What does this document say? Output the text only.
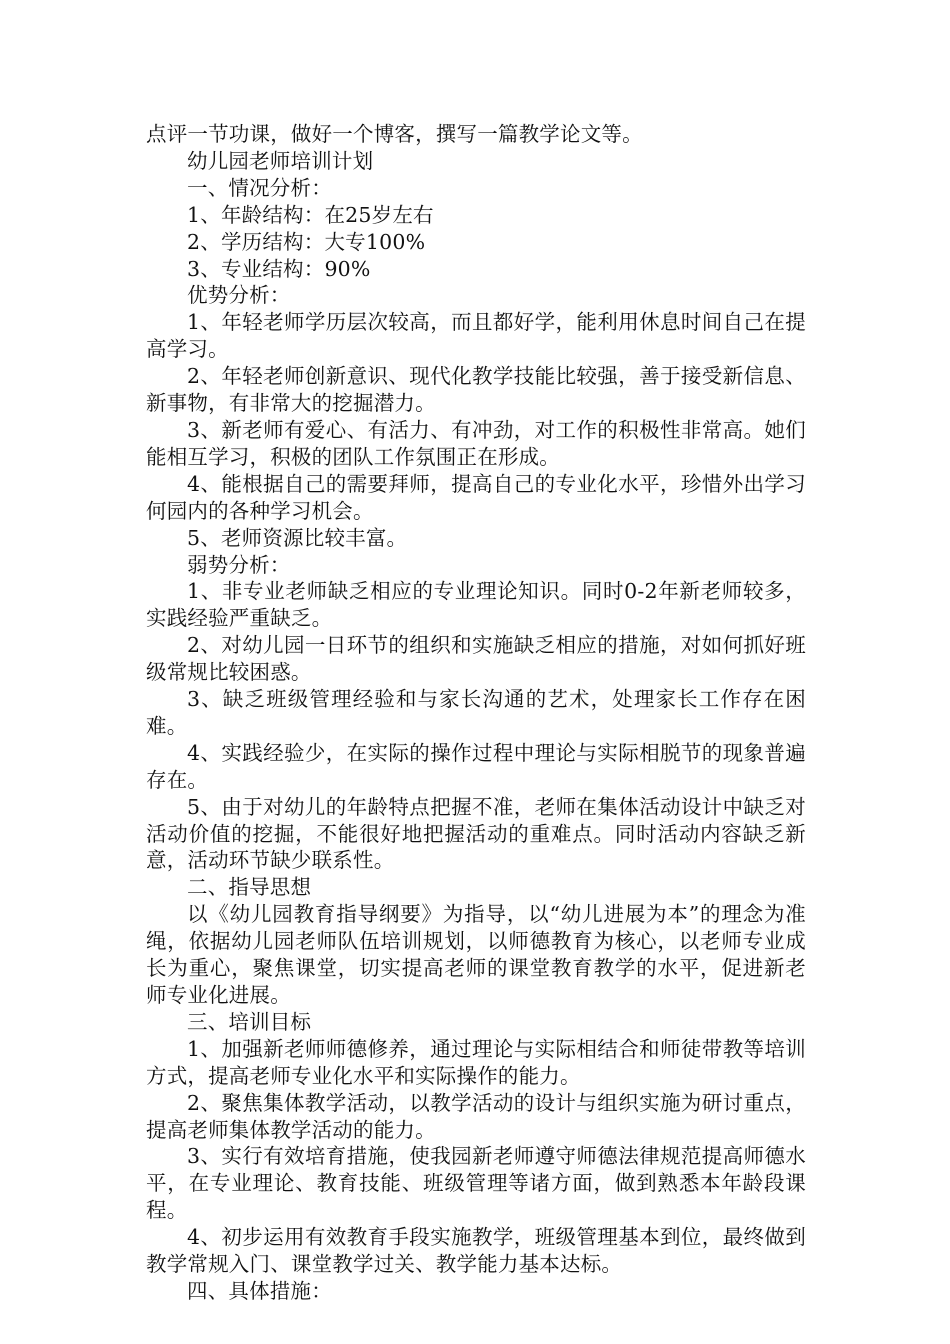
点评一节功课，做好一个博客，撰写一篇教学论文等。

幼儿园老师培训计划

一、情况分析：

1、年龄结构：在25岁左右

2、学历结构：大专100%

3、专业结构：90%

优势分析：

1、年轻老师学历层次较高，而且都好学，能利用休息时间自己在提高学习。

2、年轻老师创新意识、现代化教学技能比较强，善于接受新信息、新事物，有非常大的挖掘潜力。

3、新老师有爱心、有活力、有冲劲，对工作的积极性非常高。她们能相互学习，积极的团队工作氛围正在形成。

4、能根据自己的需要拜师，提高自己的专业化水平，珍惜外出学习何园内的各种学习机会。

5、老师资源比较丰富。

弱势分析：

1、非专业老师缺乏相应的专业理论知识。同时0-2年新老师较多，实践经验严重缺乏。

2、对幼儿园一日环节的组织和实施缺乏相应的措施，对如何抓好班级常规比较困惑。

3、缺乏班级管理经验和与家长沟通的艺术，处理家长工作存在困难。

4、实践经验少，在实际的操作过程中理论与实际相脱节的现象普遍存在。

5、由于对幼儿的年龄特点把握不准，老师在集体活动设计中缺乏对活动价值的挖掘，不能很好地把握活动的重难点。同时活动内容缺乏新意，活动环节缺少联系性。

二、指导思想

以《幼儿园教育指导纲要》为指导，以“幼儿进展为本”的理念为准绳，依据幼儿园老师队伍培训规划，以师德教育为核心，以老师专业成长为重心，聚焦课堂，切实提高老师的课堂教育教学的水平，促进新老师专业化进展。

三、培训目标

1、加强新老师师德修养，通过理论与实际相结合和师徒带教等培训方式，提高老师专业化水平和实际操作的能力。

2、聚焦集体教学活动，以教学活动的设计与组织实施为研讨重点，提高老师集体教学活动的能力。

3、实行有效培育措施，使我园新老师遵守师德法律规范提高师德水平，在专业理论、教育技能、班级管理等诸方面，做到熟悉本年龄段课程。

4、初步运用有效教育手段实施教学，班级管理基本到位，最终做到教学常规入门、课堂教学过关、教学能力基本达标。

四、具体措施：
